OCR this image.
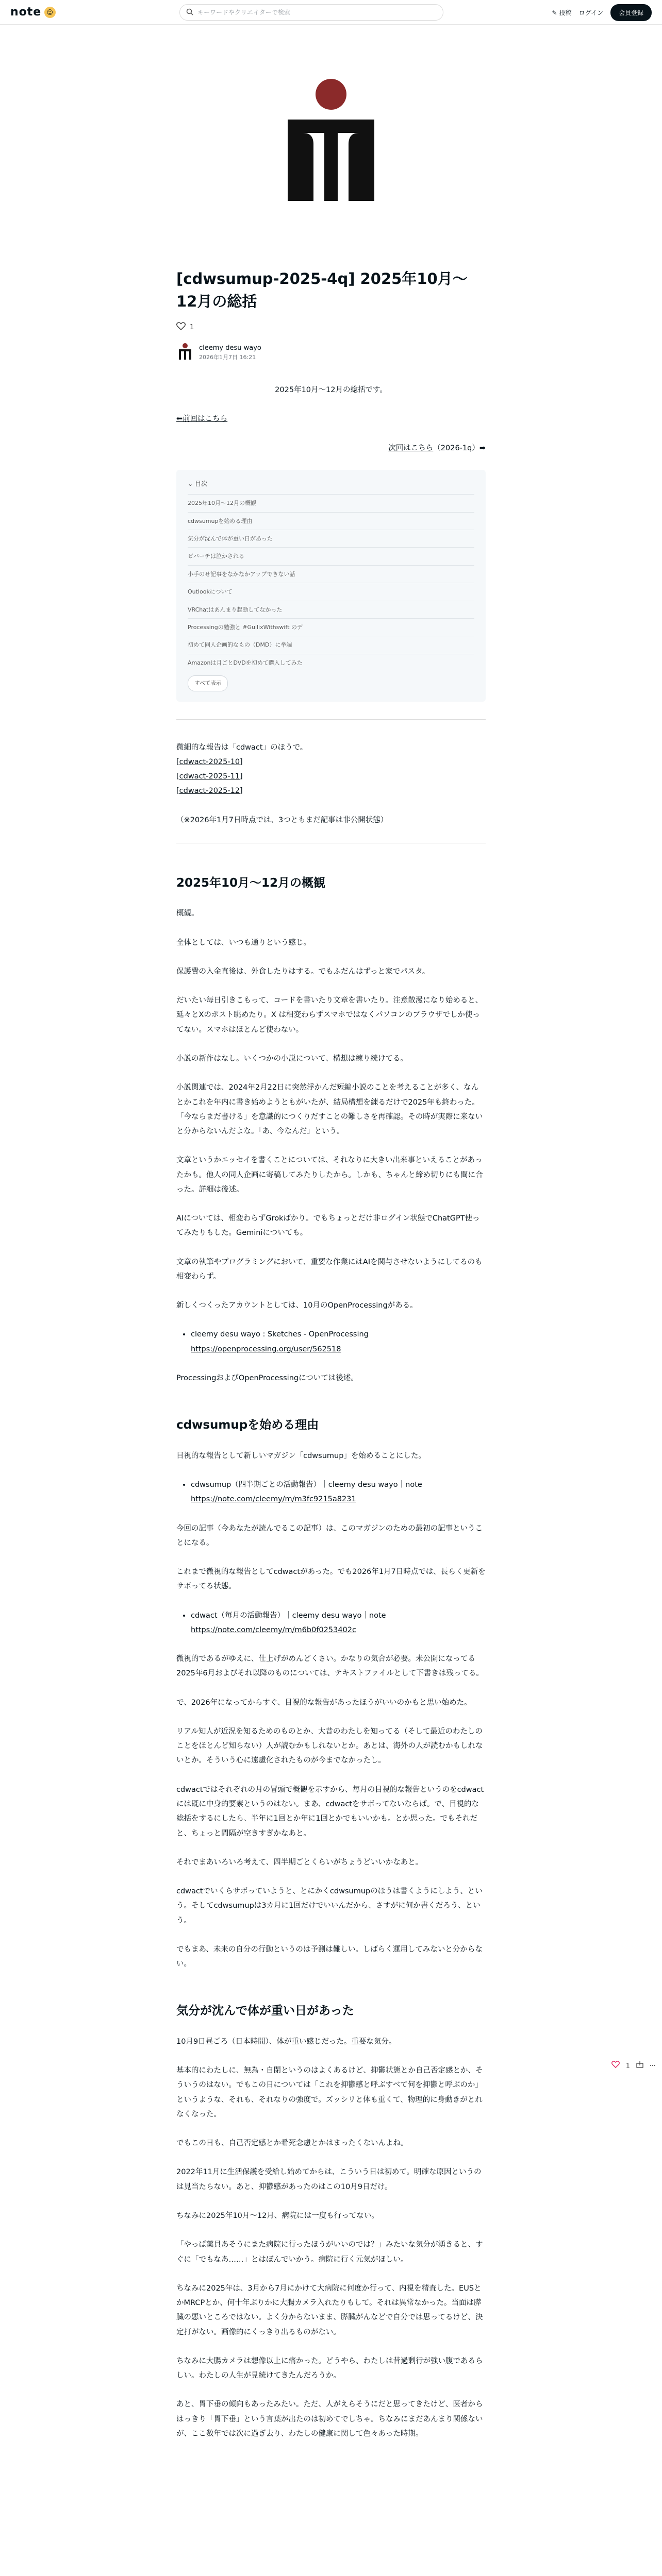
note ☺
キーワードやクリエイターで検索	✎ 投稿 ログイン	会員登録
[cdwsumup-2025-4q] 2025年10月〜12月の総括
1
cleemy desu wayo
2026年1月7日 16:21

2025年10月〜12月の総括です。

⬅前回はこちら

次回はこちら（2026-1q）➡

⌄ 目次
2025年10月〜12月の概観
cdwsumupを始める理由
気分が沈んで体が重い日があった
ビバーチは泣かされる
小手のせ記事をなかなかアップできない話
Outlookについて
VRChatはあんまり起動してなかった
Processingの勉強と #GuilixWithswift のデ
初めて同人企画的なもの（DMD）に挙端
Amazonは月ごとDVDを初めて購入してみた
すべて表示

微細的な報告は「cdwact」のほうで。
[cdwact-2025-10]
[cdwact-2025-11]
[cdwact-2025-12]

（※2026年1月7日時点では、3つともまだ記事は非公開状態）

2025年10月〜12月の概観

概観。

全体としては、いつも通りという感じ。

保護費の入金直後は、外食したりはする。でもふだんはずっと家でパスタ。

だいたい毎日引きこもって、コードを書いたり文章を書いたり。注意散漫になり始めると、延々とXのポスト眺めたり。X は相変わらずスマホではなくパソコンのブラウザでしか使ってない。スマホはほとんど使わない。

小説の新作はなし。いくつかの小説について、構想は練り続けてる。

小説関連では、2024年2月22日に突然浮かんだ短編小説のことを考えることが多く、なんとかこれを年内に書き始めようともがいたが、結局構想を練るだけで2025年も終わった。「今ならまだ書ける」を意識的につくりだすことの難しさを再確認。その時が実際に来ないと分からないんだよな。「あ、今なんだ」という。

文章というかエッセイを書くことについては、それなりに大きい出来事といえることがあったかも。他人の同人企画に寄稿してみたりしたから。しかも、ちゃんと締め切りにも間に合った。詳細は後述。

AIについては、相変わらずGrokばかり。でもちょっとだけ非ログイン状態でChatGPT使ってみたりもした。Geminiについても。

文章の執筆やプログラミングにおいて、重要な作業にはAIを関与させないようにしてるのも相変わらず。

新しくつくったアカウントとしては、10月のOpenProcessingがある。

• cleemy desu wayo : Sketches - OpenProcessing
https://openprocessing.org/user/562518

ProcessingおよびOpenProcessingについては後述。

cdwsumupを始める理由

目視的な報告として新しいマガジン「cdwsumup」を始めることにした。

• cdwsumup（四半期ごとの活動報告）｜cleemy desu wayo｜note
https://note.com/cleemy/m/m3fc9215a8231

今回の記事（今あなたが読んでるこの記事）は、このマガジンのための最初の記事ということになる。

これまで微視的な報告としてcdwactがあった。でも2026年1月7日時点では、長らく更新をサボってる状態。

• cdwact（毎月の活動報告）｜cleemy desu wayo｜note
https://note.com/cleemy/m/m6b0f0253402c

微視的であるがゆえに、仕上げがめんどくさい。かなりの気合が必要。未公開になってる2025年6月およびそれ以降のものについては、テキストファイルとして下書きは残ってる。

で、2026年になってからすぐ、目視的な報告があったほうがいいのかもと思い始めた。

リアル知人が近況を知るためのものとか、大昔のわたしを知ってる（そして最近のわたしのことをほとんど知らない）人が読むかもしれないとか。あとは、海外の人が読むかもしれないとか。そういう心に遠慮化されたものが今までなかったし。

cdwactではそれぞれの月の冒頭で概観を示すから、毎月の目視的な報告というのをcdwactには既に中身的要素というのはない。まあ、cdwactをサボってないならば。で、目視的な総括をするにしたら、半年に1回とか年に1回とかでもいいかも。とか思った。でもそれだと、ちょっと間隔が空きすぎかなあと。

それでまあいろいろ考えて、四半期ごとくらいがちょうどいいかなあと。

cdwactでいくらサボっていようと、とにかくcdwsumupのほうは書くようにしよう、という。そしてcdwsumupは3カ月に1回だけでいいんだから、さすがに何か書くだろう、という。

でもまあ、未来の自分の行動というのは予測は難しい。しばらく運用してみないと分からない。

気分が沈んで体が重い日があった

10月9日昼ごろ（日本時間）、体が重い感じだった。重要な気分。

基本的にわたしに、無為・自閉というのはよくあるけど、抑鬱状態とか自己否定感とか、そういうのはない。でもこの日については「これを抑鬱感と呼ぶすべて何を抑鬱と呼ぶのか」というような、それも、それなりの強度で。ズッシリと体も重くて、物理的に身動きがとれなくなった。

でもこの日も、自己否定感とか希死念慮とかはまったくないんよね。

2022年11月に生活保護を受給し始めてからは、こういう日は初めて。明確な原因というのは見当たらない。あと、抑鬱感があったのはこの10月9日だけ。

ちなみに2025年10月〜12月、病院には一度も行ってない。

「やっぱ薬貝あそうにまた病院に行ったほうがいいのでは？」みたいな気分が湧きると、すぐに「でもなあ……」とはぼんでいかう。病院に行く元気がほしい。

ちなみに2025年は、3月から7月にかけて大病院に何度か行って、内視を精査した。EUSとかMRCPとか、何十年ぶりかに大腸カメラ入れたりもして。それは異常なかった。当面は膵臓の悪いところではない。よく分からないまま、膵臓がんなどで自分では思ってるけど、決定打がない。画像的にくっきり出るものがない。

ちなみに大腸カメラは想像以上に痛かった。どうやら、わたしは昔過剰行が強い腹であるらしい。わたしの人生が見続けてきたんだろうか。

あと、胃下垂の傾向もあったみたい。ただ、人がえらそうにだと思ってきたけど、医者からはっきり「胃下垂」という言葉が出たのは初めてでしちゃ。ちなみにまだあんまり関係ないが、ここ数年では次に過ぎ去り、わたしの健康に関して色々あった時期。

1	⋯
